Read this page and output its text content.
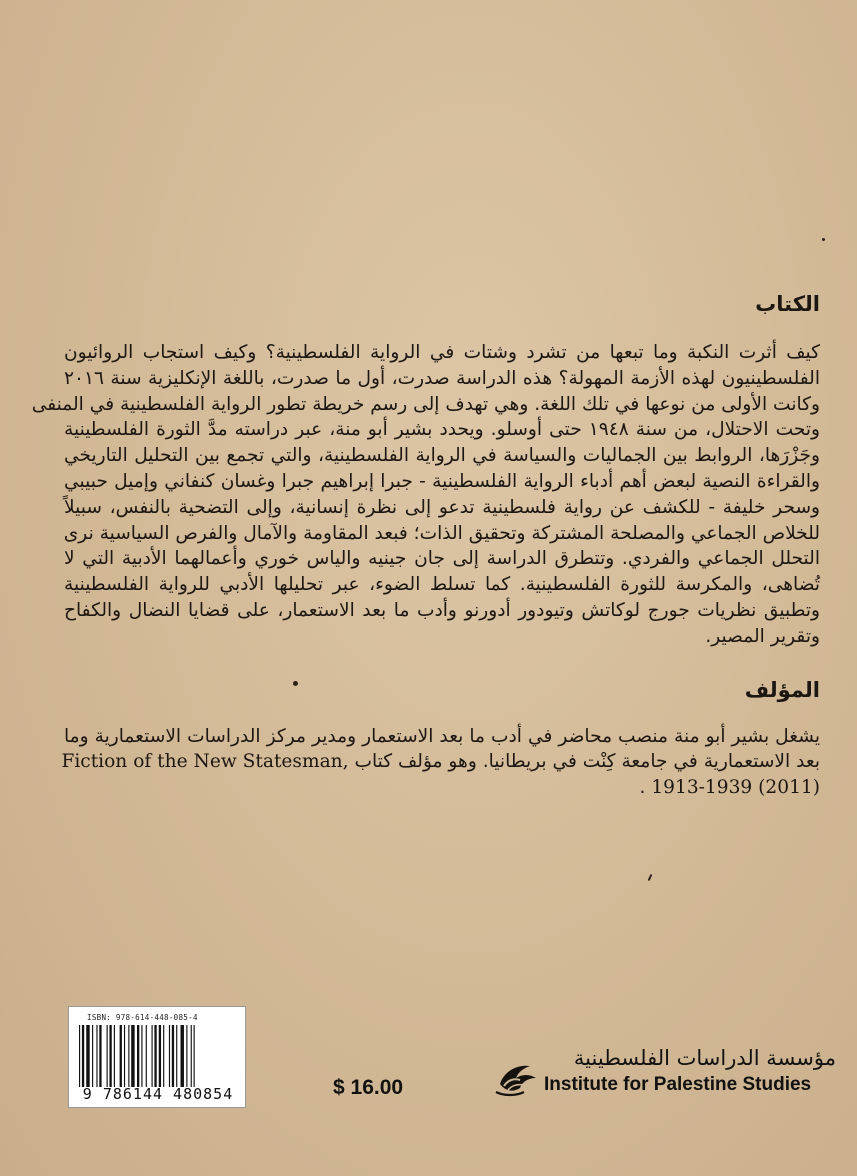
الكتاب

كيف أثرت النكبة وما تبعها من تشرد وشتات في الرواية الفلسطينية؟ وكيف استجاب الروائيون
الفلسطينيون لهذه الأزمة المهولة؟ هذه الدراسة صدرت، أول ما صدرت، باللغة الإنكليزية سنة ٢٠١٦
وكانت الأولى من نوعها في تلك اللغة. وهي تهدف إلى رسم خريطة تطور الرواية الفلسطينية في المنفى
وتحت الاحتلال، من سنة ١٩٤٨ حتى أوسلو. ويحدد بشير أبو منة، عبر دراسته مدَّ الثورة الفلسطينية
وجَزْرَها، الروابط بين الجماليات والسياسة في الرواية الفلسطينية، والتي تجمع بين التحليل التاريخي
والقراءة النصية لبعض أهم أدباء الرواية الفلسطينية - جبرا إبراهيم جبرا وغسان كنفاني وإميل حبيبي
وسحر خليفة - للكشف عن رواية فلسطينية تدعو إلى نظرة إنسانية، وإلى التضحية بالنفس، سبيلاً
للخلاص الجماعي والمصلحة المشتركة وتحقيق الذات؛ فبعد المقاومة والآمال والفرص السياسية نرى
التحلل الجماعي والفردي. وتتطرق الدراسة إلى جان جينيه والياس خوري وأعمالهما الأدبية التي لا
تُضاهى، والمكرسة للثورة الفلسطينية. كما تسلط الضوء، عبر تحليلها الأدبي للرواية الفلسطينية
وتطبيق نظريات جورج لوكاتش وتيودور أدورنو وأدب ما بعد الاستعمار، على قضايا النضال والكفاح
وتقرير المصير.

المؤلف

يشغل بشير أبو منة منصب محاضر في أدب ما بعد الاستعمار ومدير مركز الدراسات الاستعمارية وما
بعد الاستعمارية في جامعة كِنْت في بريطانيا. وهو مؤلف كتاب Fiction of the New Statesman,
1913-1939 (2011) .

ISBN: 978-614-448-085-4
9 786144 480854	$ 16.00
مؤسسة الدراسات الفلسطينية
Institute for Palestine Studies
